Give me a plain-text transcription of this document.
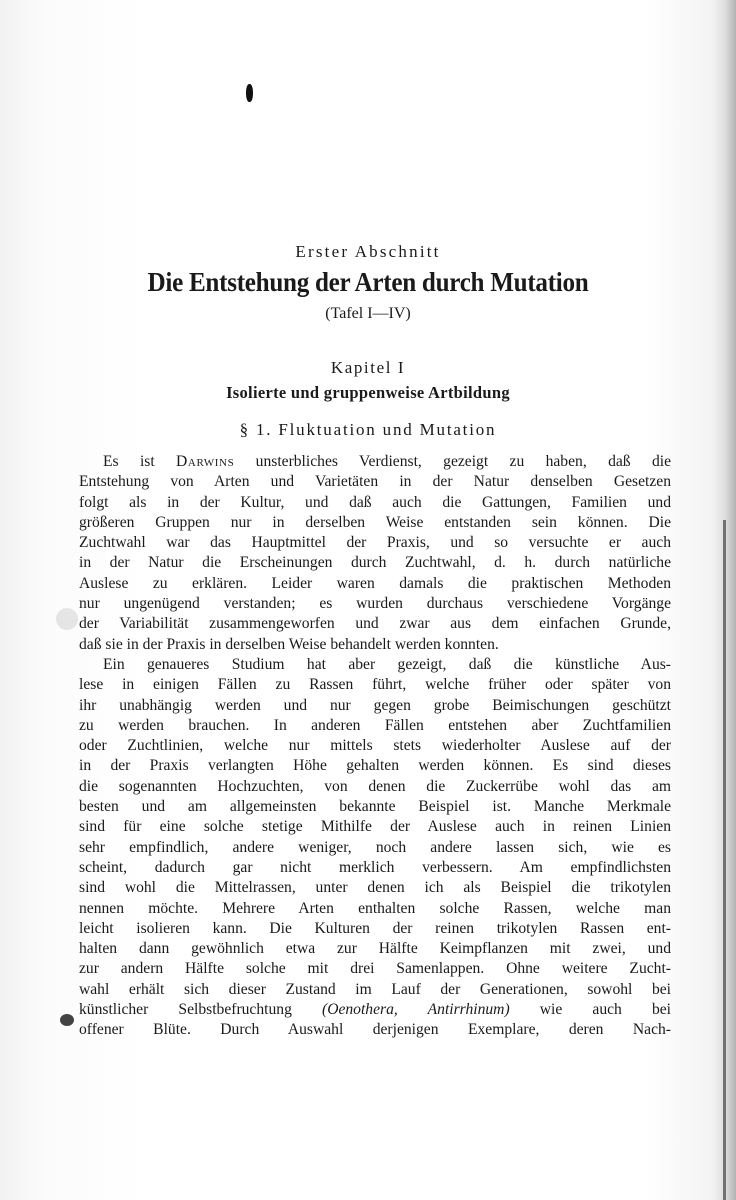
Erster Abschnitt
Die Entstehung der Arten durch Mutation
(Tafel I—IV)
Kapitel I
Isolierte und gruppenweise Artbildung
§ 1. Fluktuation und Mutation
Es ist Darwins unsterbliches Verdienst, gezeigt zu haben, daß die
Entstehung von Arten und Varietäten in der Natur denselben Gesetzen
folgt als in der Kultur, und daß auch die Gattungen, Familien und
größeren Gruppen nur in derselben Weise entstanden sein können. Die
Zuchtwahl war das Hauptmittel der Praxis, und so versuchte er auch
in der Natur die Erscheinungen durch Zuchtwahl, d. h. durch natürliche
Auslese zu erklären. Leider waren damals die praktischen Methoden
nur ungenügend verstanden; es wurden durchaus verschiedene Vorgänge
der Variabilität zusammengeworfen und zwar aus dem einfachen Grunde,
daß sie in der Praxis in derselben Weise behandelt werden konnten.
Ein genaueres Studium hat aber gezeigt, daß die künstliche Aus-
lese in einigen Fällen zu Rassen führt, welche früher oder später von
ihr unabhängig werden und nur gegen grobe Beimischungen geschützt
zu werden brauchen. In anderen Fällen entstehen aber Zuchtfamilien
oder Zuchtlinien, welche nur mittels stets wiederholter Auslese auf der
in der Praxis verlangten Höhe gehalten werden können. Es sind dieses
die sogenannten Hochzuchten, von denen die Zuckerrübe wohl das am
besten und am allgemeinsten bekannte Beispiel ist. Manche Merkmale
sind für eine solche stetige Mithilfe der Auslese auch in reinen Linien
sehr empfindlich, andere weniger, noch andere lassen sich, wie es
scheint, dadurch gar nicht merklich verbessern. Am empfindlichsten
sind wohl die Mittelrassen, unter denen ich als Beispiel die trikotylen
nennen möchte. Mehrere Arten enthalten solche Rassen, welche man
leicht isolieren kann. Die Kulturen der reinen trikotylen Rassen ent-
halten dann gewöhnlich etwa zur Hälfte Keimpflanzen mit zwei, und
zur andern Hälfte solche mit drei Samenlappen. Ohne weitere Zucht-
wahl erhält sich dieser Zustand im Lauf der Generationen, sowohl bei
künstlicher Selbstbefruchtung (Oenothera, Antirrhinum) wie auch bei
offener Blüte. Durch Auswahl derjenigen Exemplare, deren Nach-
